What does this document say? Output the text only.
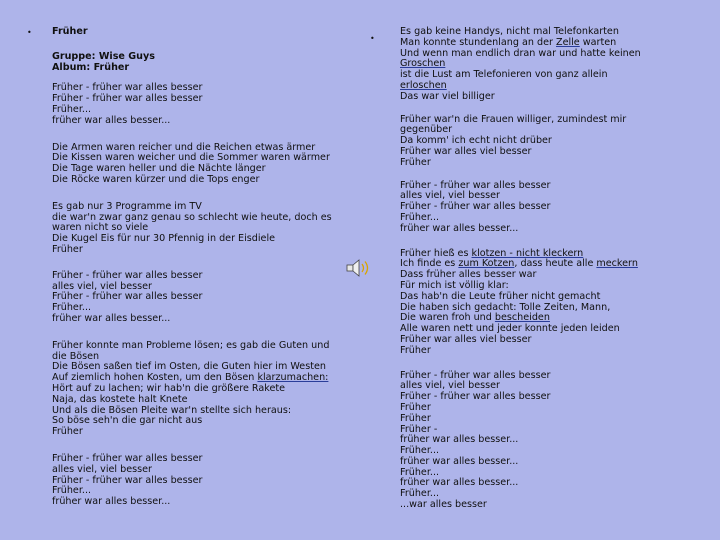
•
•
Früher
Gruppe: Wise Guys
Album: Früher
Früher - früher war alles besser
Früher - früher war alles besser
Früher...
früher war alles besser...
Die Armen waren reicher und die Reichen etwas ärmer
Die Kissen waren weicher und die Sommer waren wärmer
Die Tage waren heller und die Nächte länger
Die Röcke waren kürzer und die Tops enger
Es gab nur 3 Programme im TV
die war'n zwar ganz genau so schlecht wie heute, doch es
waren nicht so viele
Die Kugel Eis für nur 30 Pfennig in der Eisdiele
Früher
Früher - früher war alles besser
alles viel, viel besser
Früher - früher war alles besser
Früher...
früher war alles besser...
Früher konnte man Probleme lösen; es gab die Guten und
die Bösen
Die Bösen saßen tief im Osten, die Guten hier im Westen
Auf ziemlich hohen Kosten, um den Bösen klarzumachen:
Hört auf zu lachen; wir hab'n die größere Rakete
Naja, das kostete halt Knete
Und als die Bösen Pleite war'n stellte sich heraus:
So böse seh'n die gar nicht aus
Früher
Früher - früher war alles besser
alles viel, viel besser
Früher - früher war alles besser
Früher...
früher war alles besser...
Es gab keine Handys, nicht mal Telefonkarten
Man konnte stundenlang an der Zelle warten
Und wenn man endlich dran war und hatte keinen
Groschen
ist die Lust am Telefonieren von ganz allein
erloschen
Das war viel billiger
Früher war'n die Frauen williger, zumindest mir
gegenüber
Da komm' ich echt nicht drüber
Früher war alles viel besser
Früher
Früher - früher war alles besser
alles viel, viel besser
Früher - früher war alles besser
Früher...
früher war alles besser...
Früher hieß es klotzen - nicht kleckern
Ich finde es zum Kotzen, dass heute alle meckern
Dass früher alles besser war
Für mich ist völlig klar:
Das hab'n die Leute früher nicht gemacht
Die haben sich gedacht: Tolle Zeiten, Mann,
Die waren froh und bescheiden
Alle waren nett und jeder konnte jeden leiden
Früher war alles viel besser
Früher
Früher - früher war alles besser
alles viel, viel besser
Früher - früher war alles besser
Früher
Früher
Früher -
früher war alles besser...
Früher...
früher war alles besser...
Früher...
früher war alles besser...
Früher...
...war alles besser
